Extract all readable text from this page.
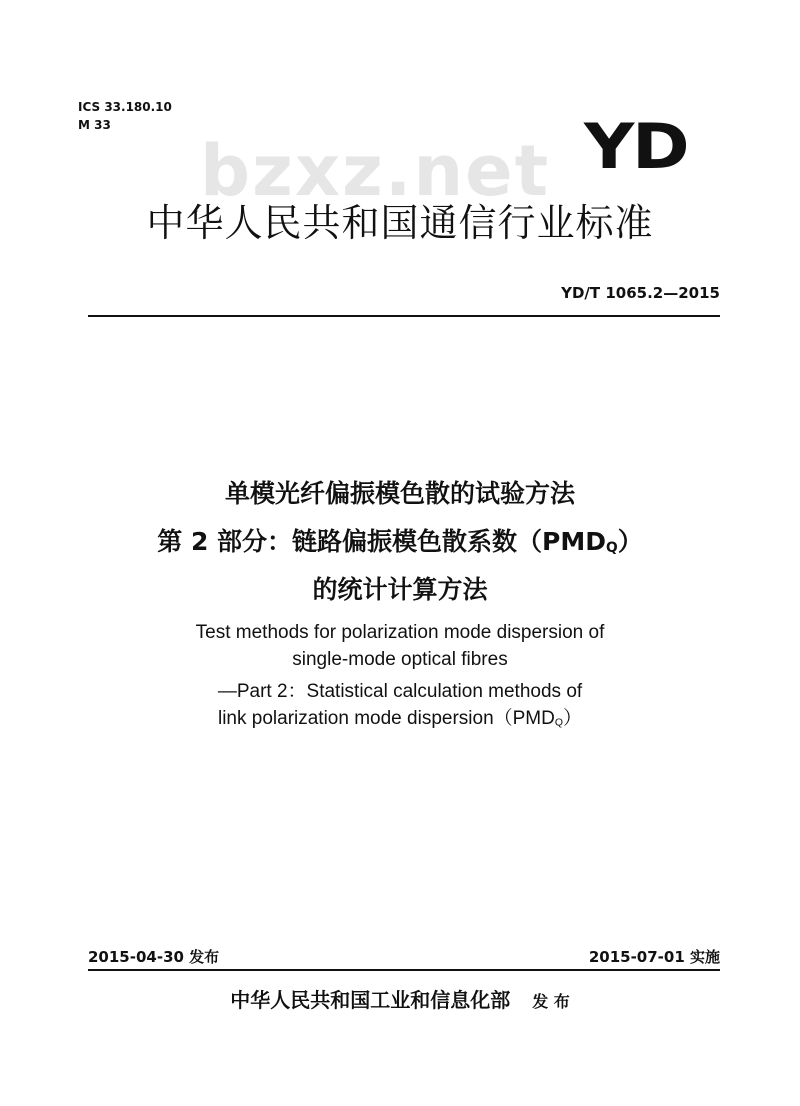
ICS 33.180.10
M 33
bzxz.net YD
中华人民共和国通信行业标准
YD/T 1065.2—2015
单模光纤偏振模色散的试验方法
第 2 部分：链路偏振模色散系数$(PMD_Q)$
的统计计算方法
Test methods for polarization mode dispersion of
single-mode optical fibres
—Part 2：Statistical calculation methods of
link polarization mode $dispersion(PMD_Q)$
2015-04-30 发布	2015-07-01 实施
中华人民共和国工业和信息化部 发 布
